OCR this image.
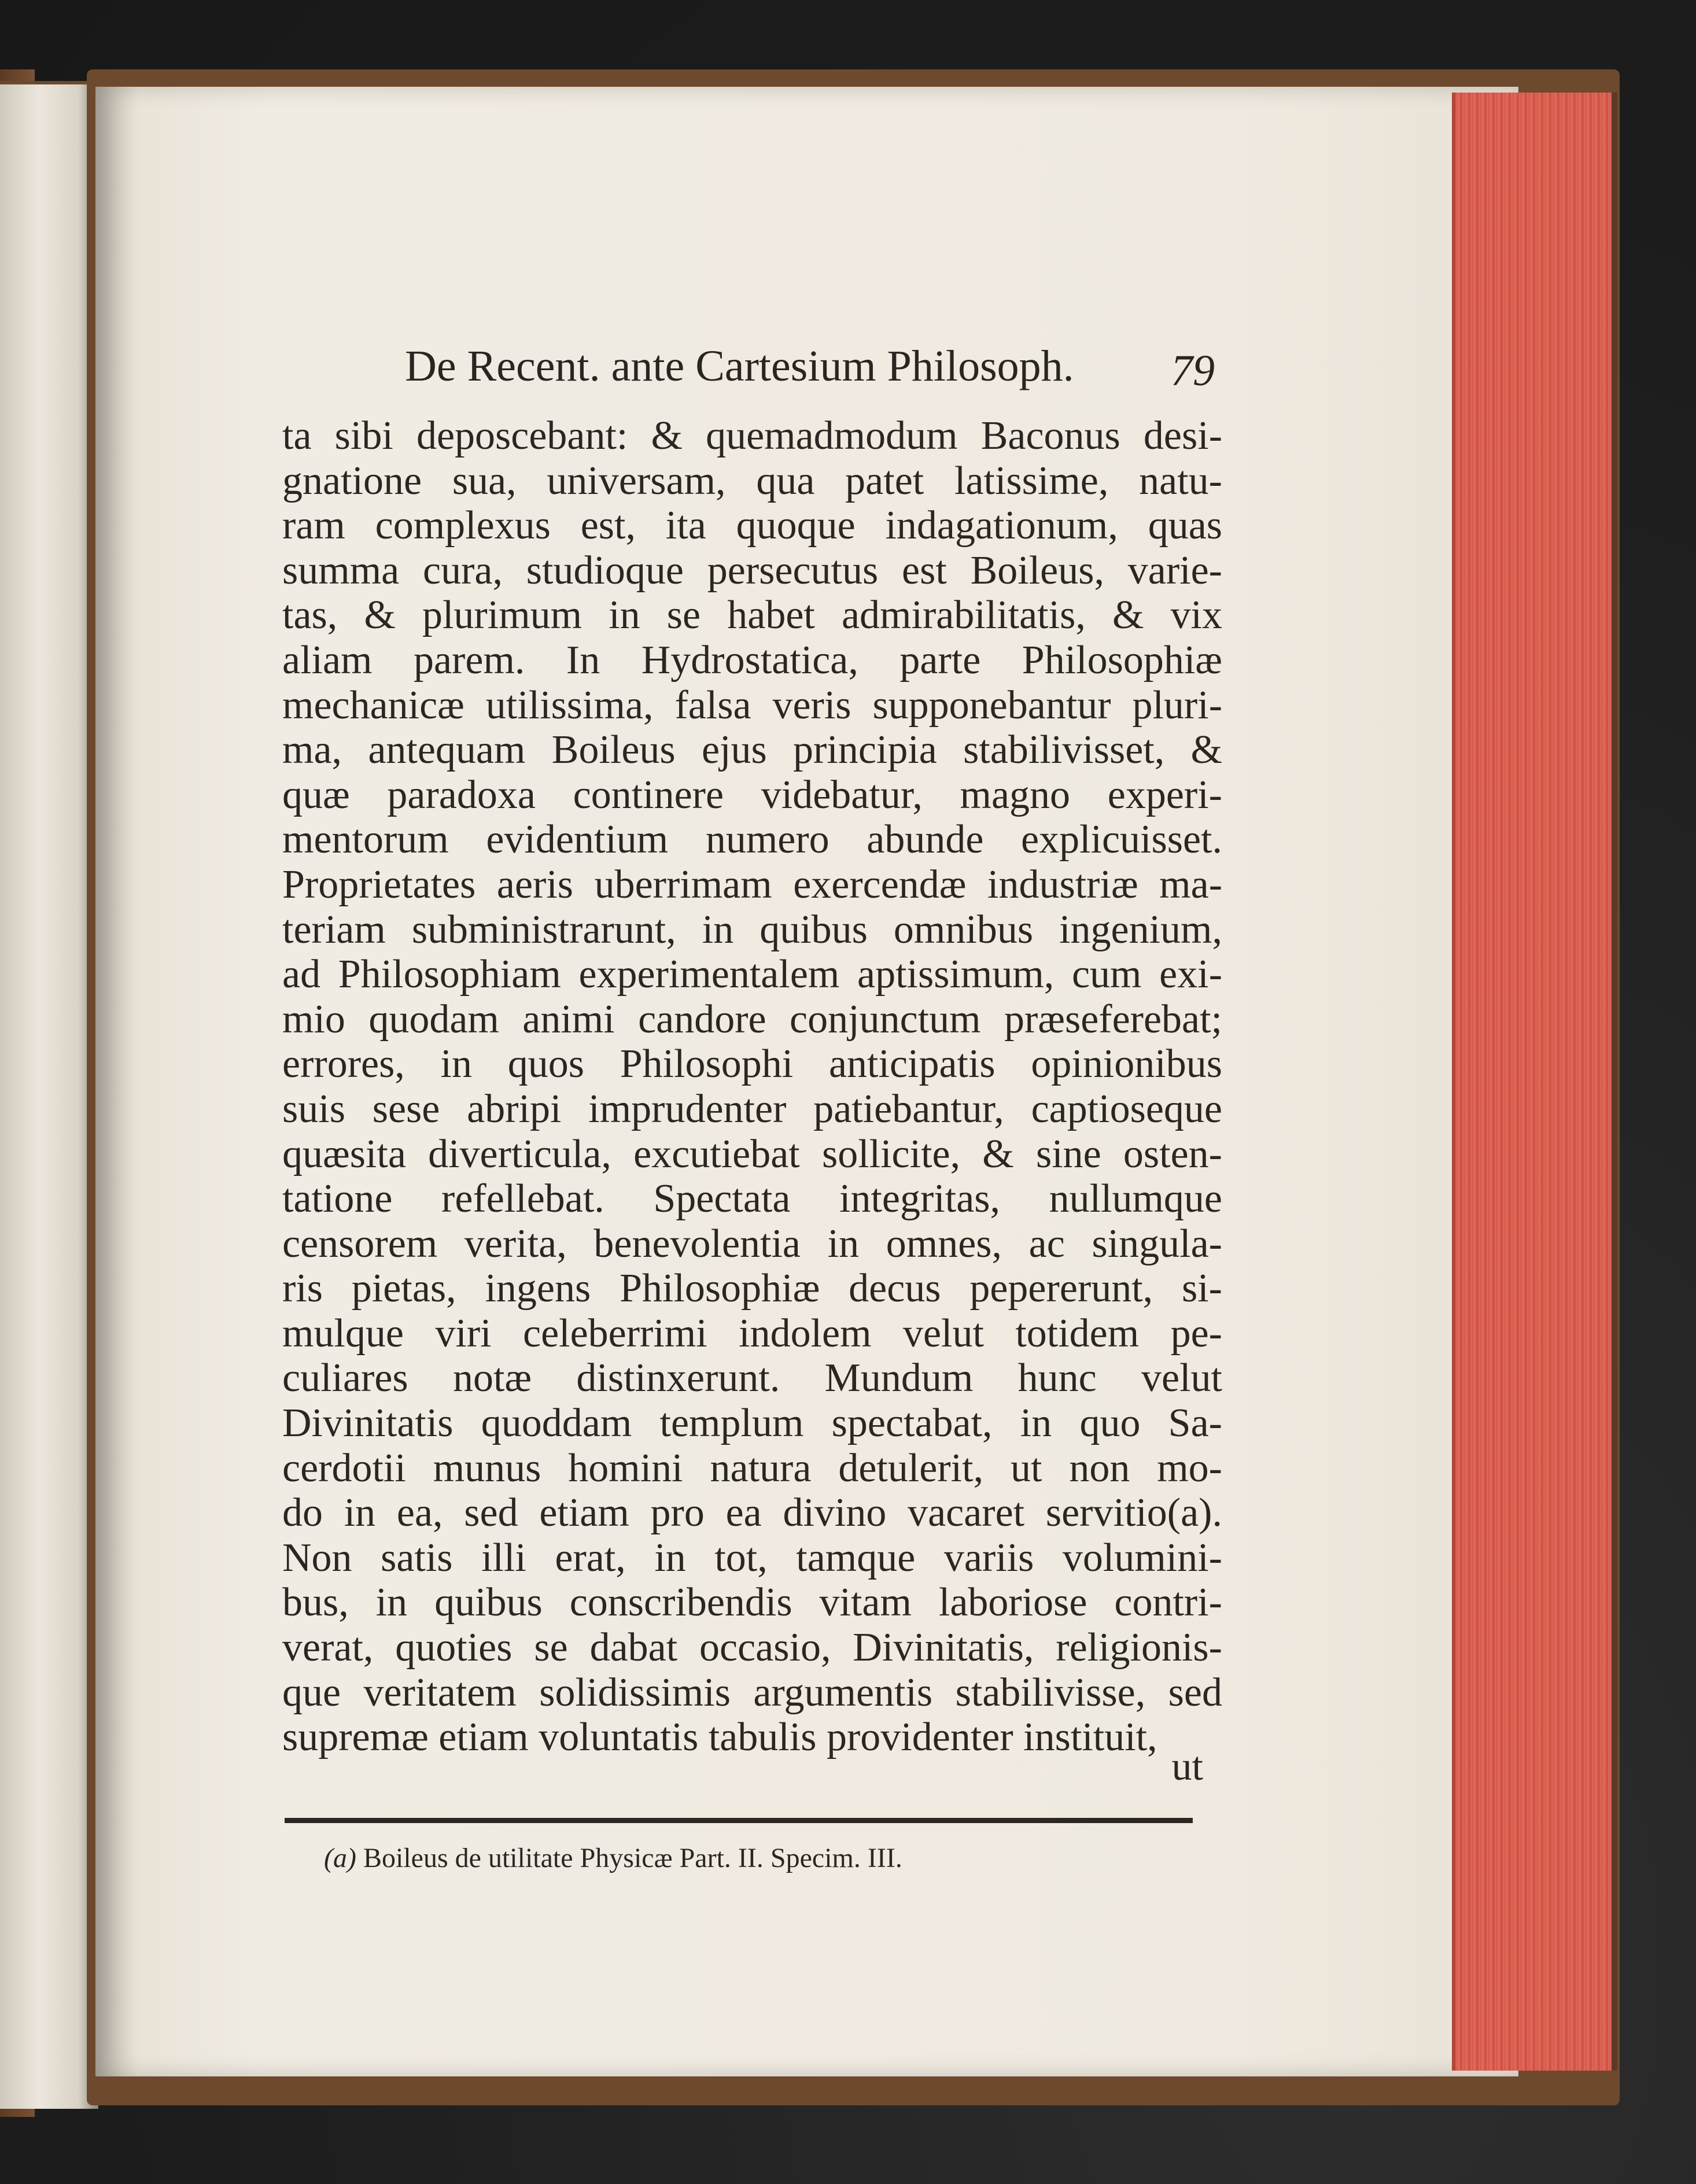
De Recent. ante Cartesium Philosoph. 79
ta sibi deposcebant: & quemadmodum Baconus desi-
gnatione sua, universam, qua patet latissime, natu-
ram complexus est, ita quoque indagationum, quas
summa cura, studioque persecutus est Boileus, varie-
tas, & plurimum in se habet admirabilitatis, & vix
aliam parem. In Hydrostatica, parte Philosophiæ
mechanicæ utilissima, falsa veris supponebantur pluri-
ma, antequam Boileus ejus principia stabilivisset, &
quæ paradoxa continere videbatur, magno experi-
mentorum evidentium numero abunde explicuisset.
Proprietates aeris uberrimam exercendæ industriæ ma-
teriam subministrarunt, in quibus omnibus ingenium,
ad Philosophiam experimentalem aptissimum, cum exi-
mio quodam animi candore conjunctum præseferebat;
errores, in quos Philosophi anticipatis opinionibus
suis sese abripi imprudenter patiebantur, captioseque
quæsita diverticula, excutiebat sollicite, & sine osten-
tatione refellebat. Spectata integritas, nullumque
censorem verita, benevolentia in omnes, ac singula-
ris pietas, ingens Philosophiæ decus pepererunt, si-
mulque viri celeberrimi indolem velut totidem pe-
culiares notæ distinxerunt. Mundum hunc velut
Divinitatis quoddam templum spectabat, in quo Sa-
cerdotii munus homini natura detulerit, ut non mo-
do in ea, sed etiam pro ea divino vacaret servitio(a).
Non satis illi erat, in tot, tamque variis volumini-
bus, in quibus conscribendis vitam laboriose contri-
verat, quoties se dabat occasio, Divinitatis, religionis-
que veritatem solidissimis argumentis stabilivisse, sed
supremæ etiam voluntatis tabulis providenter instituit,
ut
(a) Boileus de utilitate Physicæ Part. II. Specim. III.
